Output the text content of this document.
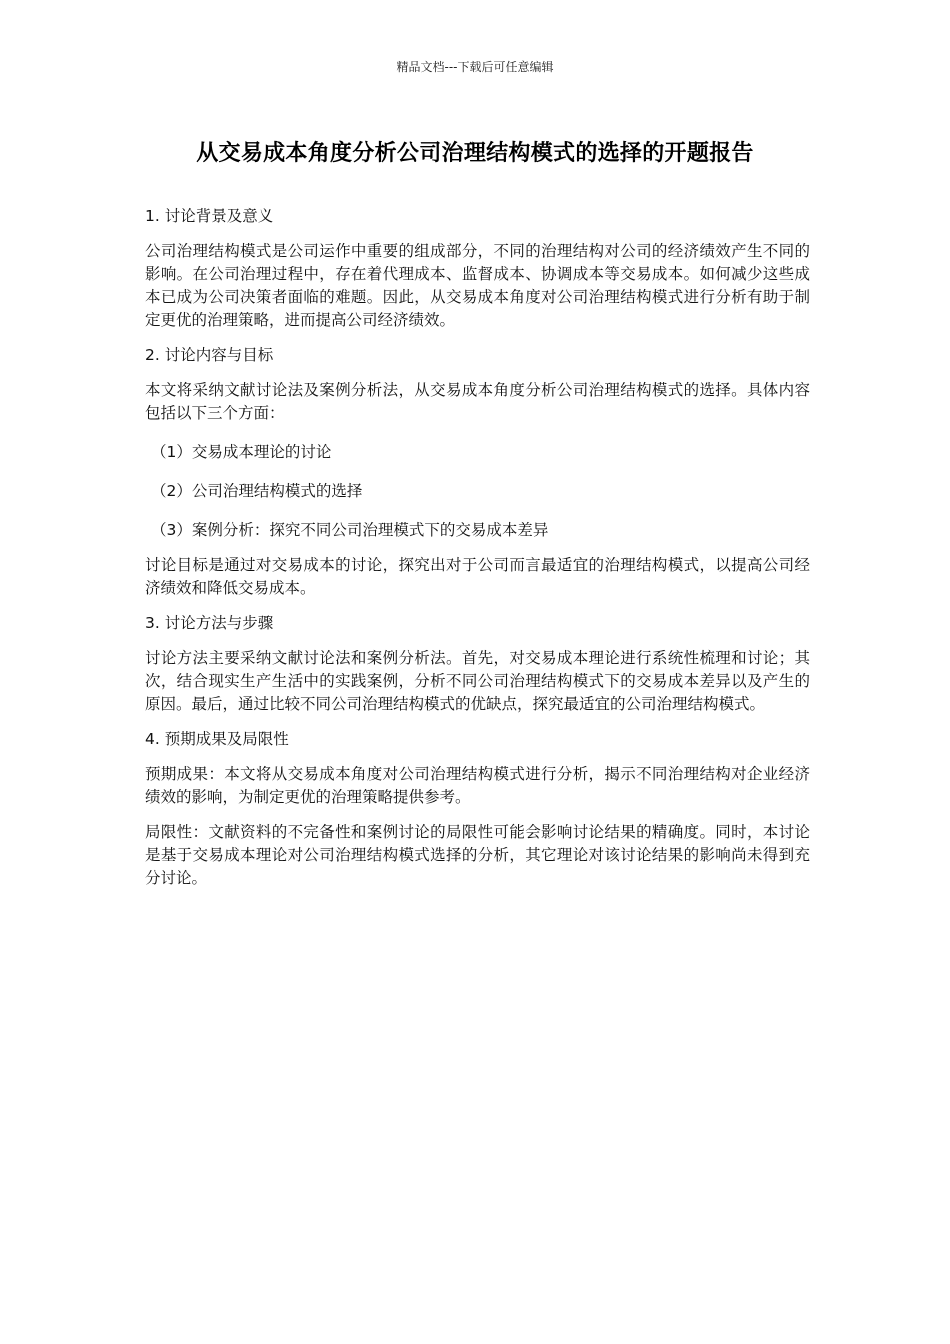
精品文档---下载后可任意编辑
从交易成本角度分析公司治理结构模式的选择的开题报告
1. 讨论背景及意义

公司治理结构模式是公司运作中重要的组成部分，不同的治理结构对公司的经济绩效产生不同的影响。在公司治理过程中，存在着代理成本、监督成本、协调成本等交易成本。如何减少这些成本已成为公司决策者面临的难题。因此，从交易成本角度对公司治理结构模式进行分析有助于制定更优的治理策略，进而提高公司经济绩效。

2. 讨论内容与目标

本文将采纳文献讨论法及案例分析法，从交易成本角度分析公司治理结构模式的选择。具体内容包括以下三个方面：

（1）交易成本理论的讨论
（2）公司治理结构模式的选择
（3）案例分析：探究不同公司治理模式下的交易成本差异

讨论目标是通过对交易成本的讨论，探究出对于公司而言最适宜的治理结构模式，以提高公司经济绩效和降低交易成本。

3. 讨论方法与步骤

讨论方法主要采纳文献讨论法和案例分析法。首先，对交易成本理论进行系统性梳理和讨论；其次，结合现实生产生活中的实践案例，分析不同公司治理结构模式下的交易成本差异以及产生的原因。最后，通过比较不同公司治理结构模式的优缺点，探究最适宜的公司治理结构模式。

4. 预期成果及局限性

预期成果：本文将从交易成本角度对公司治理结构模式进行分析，揭示不同治理结构对企业经济绩效的影响，为制定更优的治理策略提供参考。

局限性：文献资料的不完备性和案例讨论的局限性可能会影响讨论结果的精确度。同时，本讨论是基于交易成本理论对公司治理结构模式选择的分析，其它理论对该讨论结果的影响尚未得到充分讨论。
